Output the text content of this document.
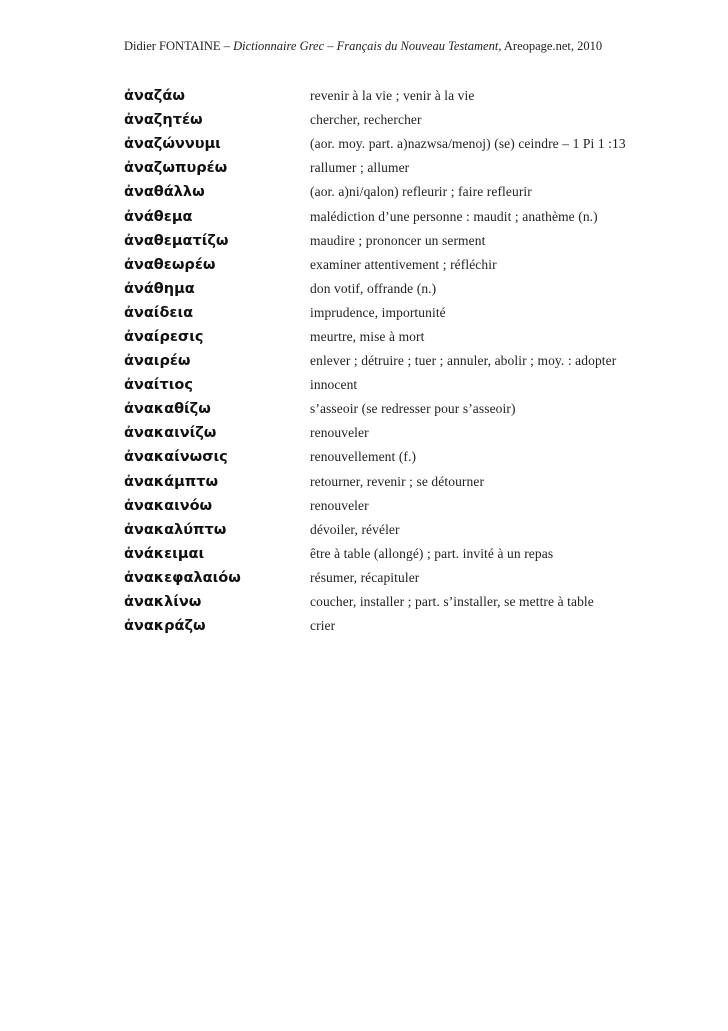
Didier FONTAINE – Dictionnaire Grec – Français du Nouveau Testament, Areopage.net, 2010
ἀναζάω	revenir à la vie ; venir à la vie
ἀναζητέω	chercher, rechercher
ἀναζώννυμι	(aor. moy. part. a)nazwsa/menoj) (se) ceindre – 1 Pi 1 :13
ἀναζωπυρέω	rallumer ; allumer
ἀναθάλλω	(aor. a)ni/qalon) refleurir ; faire refleurir
ἀνάθεμα	malédiction d’une personne : maudit ; anathème (n.)
ἀναθεματίζω	maudire ; prononcer un serment
ἀναθεωρέω	examiner attentivement ; réfléchir
ἀνάθημα	don votif, offrande (n.)
ἀναίδεια	imprudence, importunité
ἀναίρεσις	meurtre, mise à mort
ἀναιρέω	enlever ; détruire ; tuer ; annuler, abolir ; moy. : adopter
ἀναίτιος	innocent
ἀνακαθίζω	s’asseoir (se redresser pour s’asseoir)
ἀνακαινίζω	renouveler
ἀνακαίνωσις	renouvellement (f.)
ἀνακάμπτω	retourner, revenir ; se détourner
ἀνακαινόω	renouveler
ἀνακαλύπτω	dévoiler, révéler
ἀνάκειμαι	être à table (allongé) ; part. invité à un repas
ἀνακεφαλαιόω	résumer, récapituler
ἀνακλίνω	coucher, installer ; part. s’installer, se mettre à table
ἀνακράζω	crier
